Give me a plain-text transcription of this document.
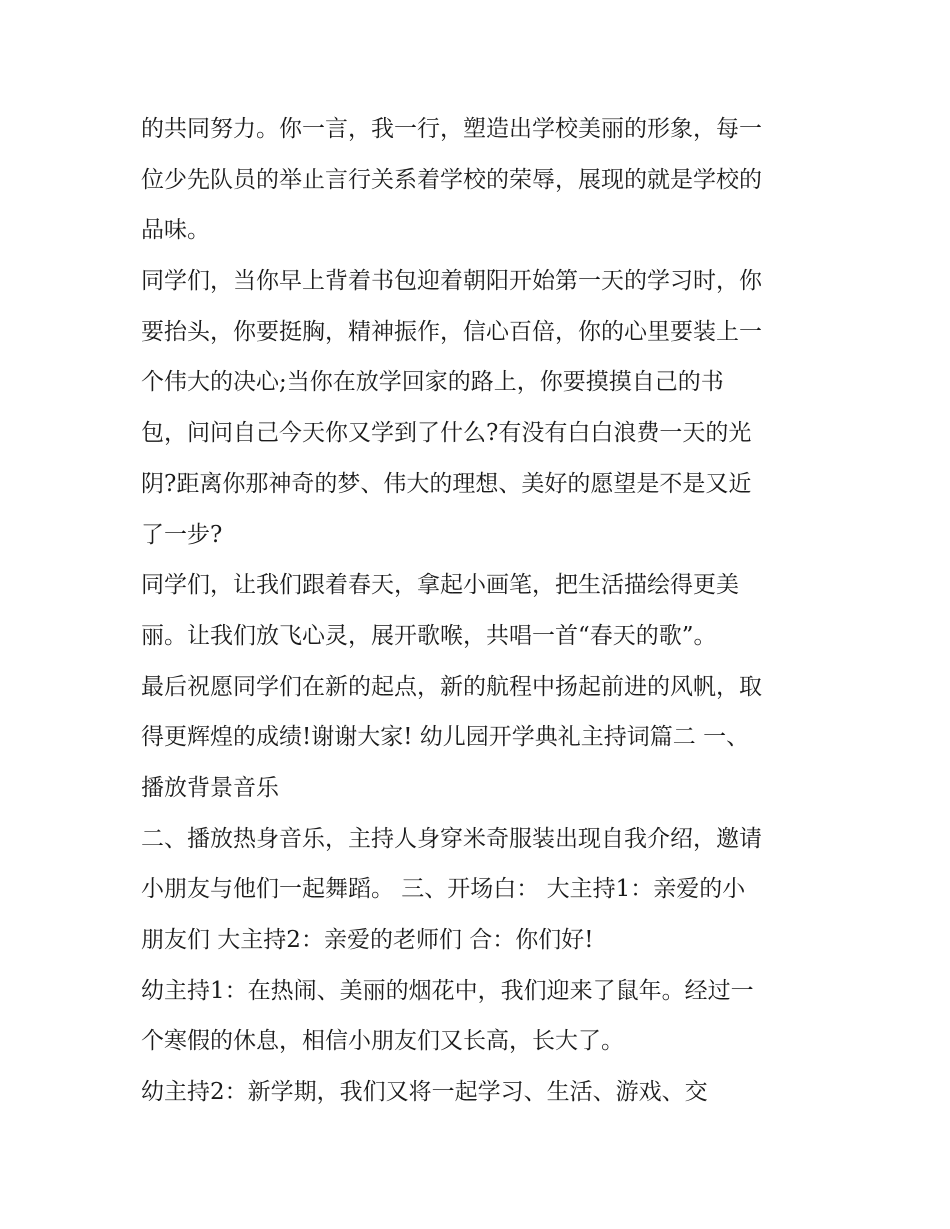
的共同努力。你一言，我一行，塑造出学校美丽的形象，每一
位少先队员的举止言行关系着学校的荣辱，展现的就是学校的
品味。
同学们，当你早上背着书包迎着朝阳开始第一天的学习时，你
要抬头，你要挺胸，精神振作，信心百倍，你的心里要装上一
个伟大的决心;当你在放学回家的路上，你要摸摸自己的书
包，问问自己今天你又学到了什么?有没有白白浪费一天的光
阴?距离你那神奇的梦、伟大的理想、美好的愿望是不是又近
了一步?
同学们，让我们跟着春天，拿起小画笔，把生活描绘得更美
丽。让我们放飞心灵，展开歌喉，共唱一首“春天的歌”。
最后祝愿同学们在新的起点，新的航程中扬起前进的风帆，取
得更辉煌的成绩!谢谢大家! 幼儿园开学典礼主持词篇二 一、
播放背景音乐
二、播放热身音乐，主持人身穿米奇服装出现自我介绍，邀请
小朋友与他们一起舞蹈。 三、开场白： 大主持1：亲爱的小
朋友们 大主持2：亲爱的老师们 合：你们好!
幼主持1：在热闹、美丽的烟花中，我们迎来了鼠年。经过一
个寒假的休息，相信小朋友们又长高，长大了。
幼主持2：新学期，我们又将一起学习、生活、游戏、交
